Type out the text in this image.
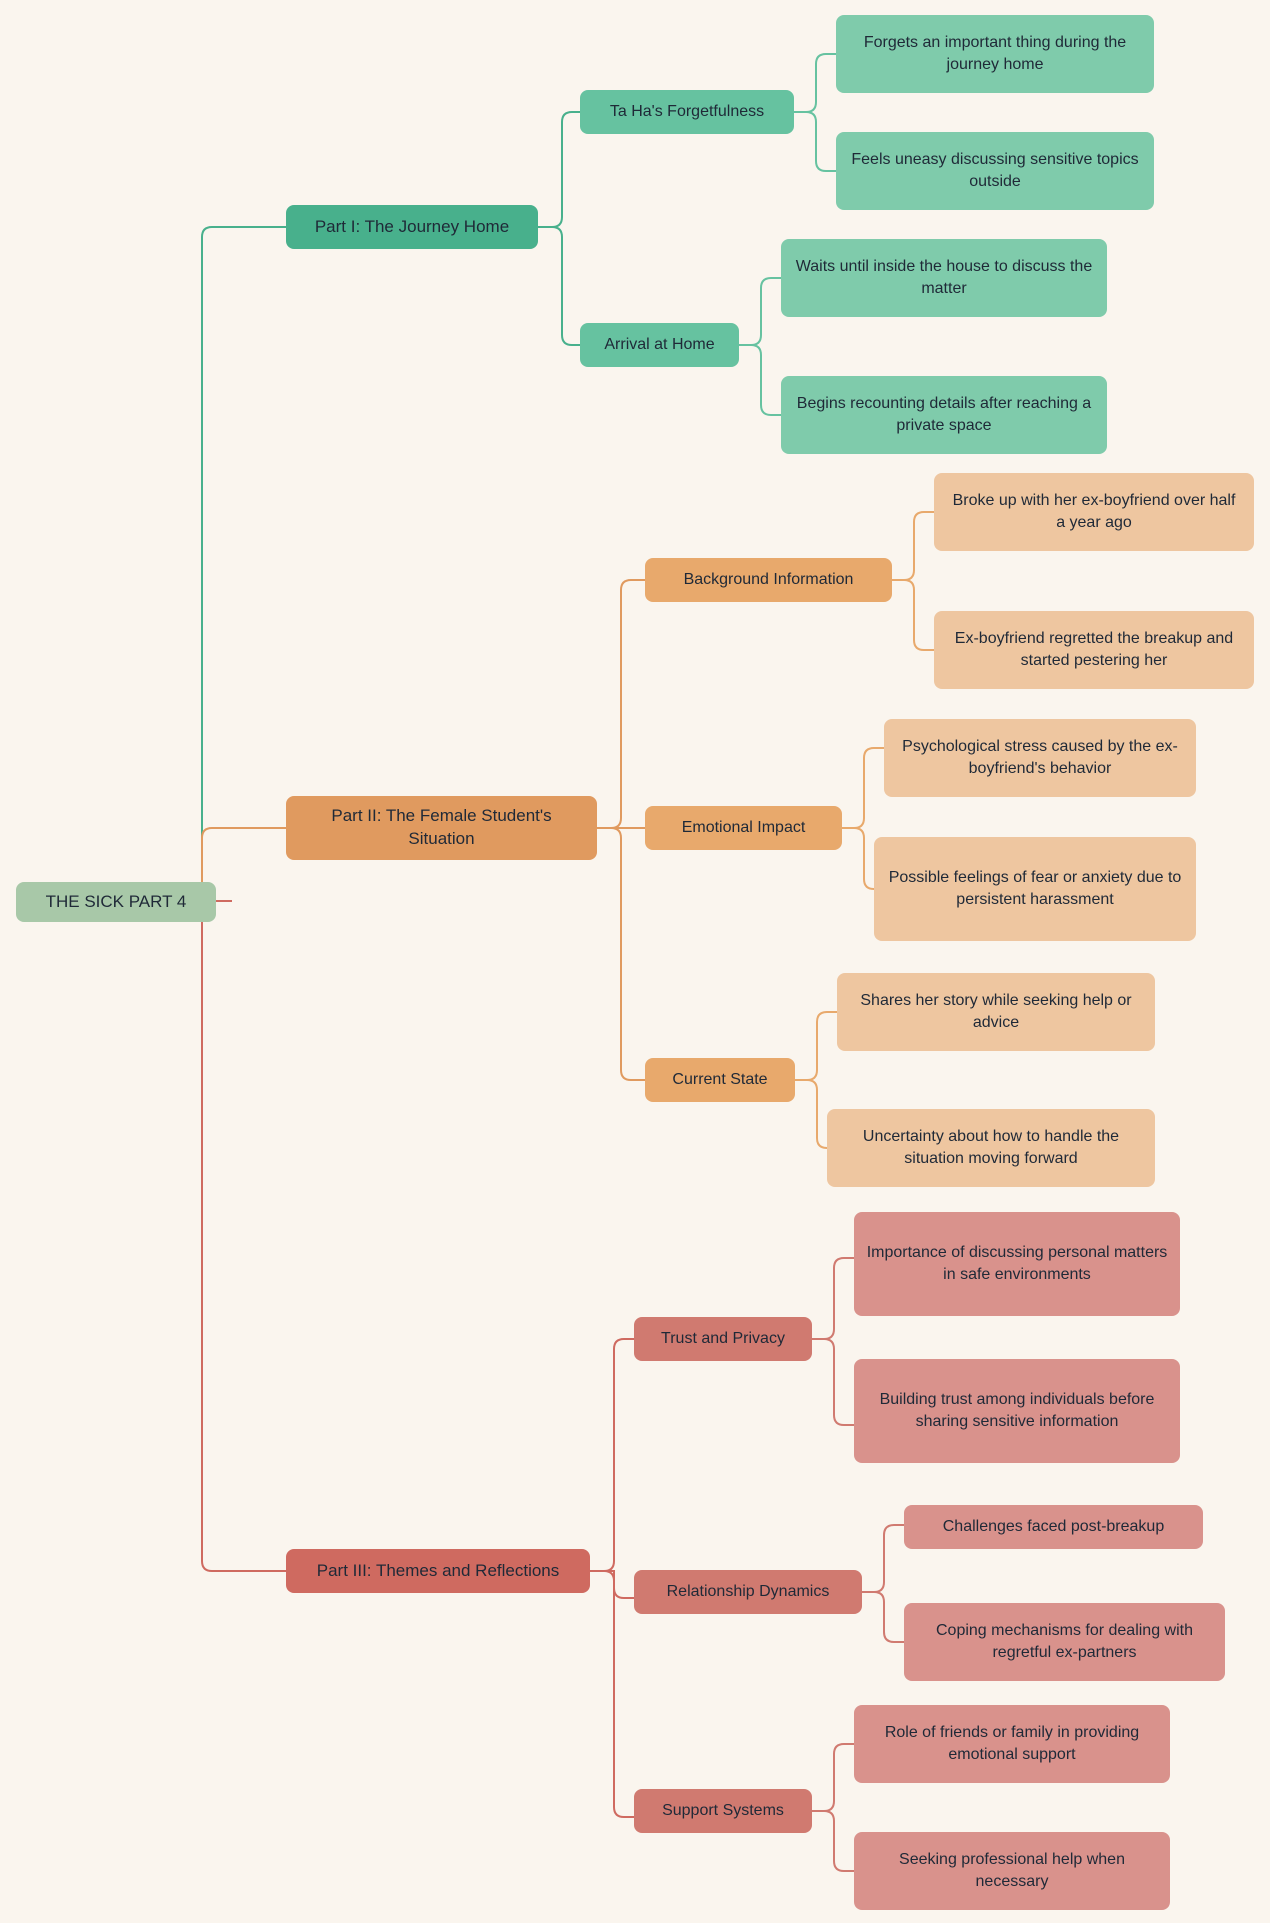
THE SICK PART 4
Part I: The Journey Home
Ta Ha's Forgetfulness
Forgets an important thing during the journey home
Feels uneasy discussing sensitive topics outside
Arrival at Home
Waits until inside the house to discuss the matter
Begins recounting details after reaching a private space
Part II: The Female Student's Situation
Background Information
Broke up with her ex-boyfriend over half a year ago
Ex-boyfriend regretted the breakup and started pestering her
Emotional Impact
Psychological stress caused by the ex-boyfriend's behavior
Possible feelings of fear or anxiety due to persistent harassment
Current State
Shares her story while seeking help or advice
Uncertainty about how to handle the situation moving forward
Part III: Themes and Reflections
Trust and Privacy
Importance of discussing personal matters in safe environments
Building trust among individuals before sharing sensitive information
Relationship Dynamics
Challenges faced post-breakup
Coping mechanisms for dealing with regretful ex-partners
Support Systems
Role of friends or family in providing emotional support
Seeking professional help when necessary
